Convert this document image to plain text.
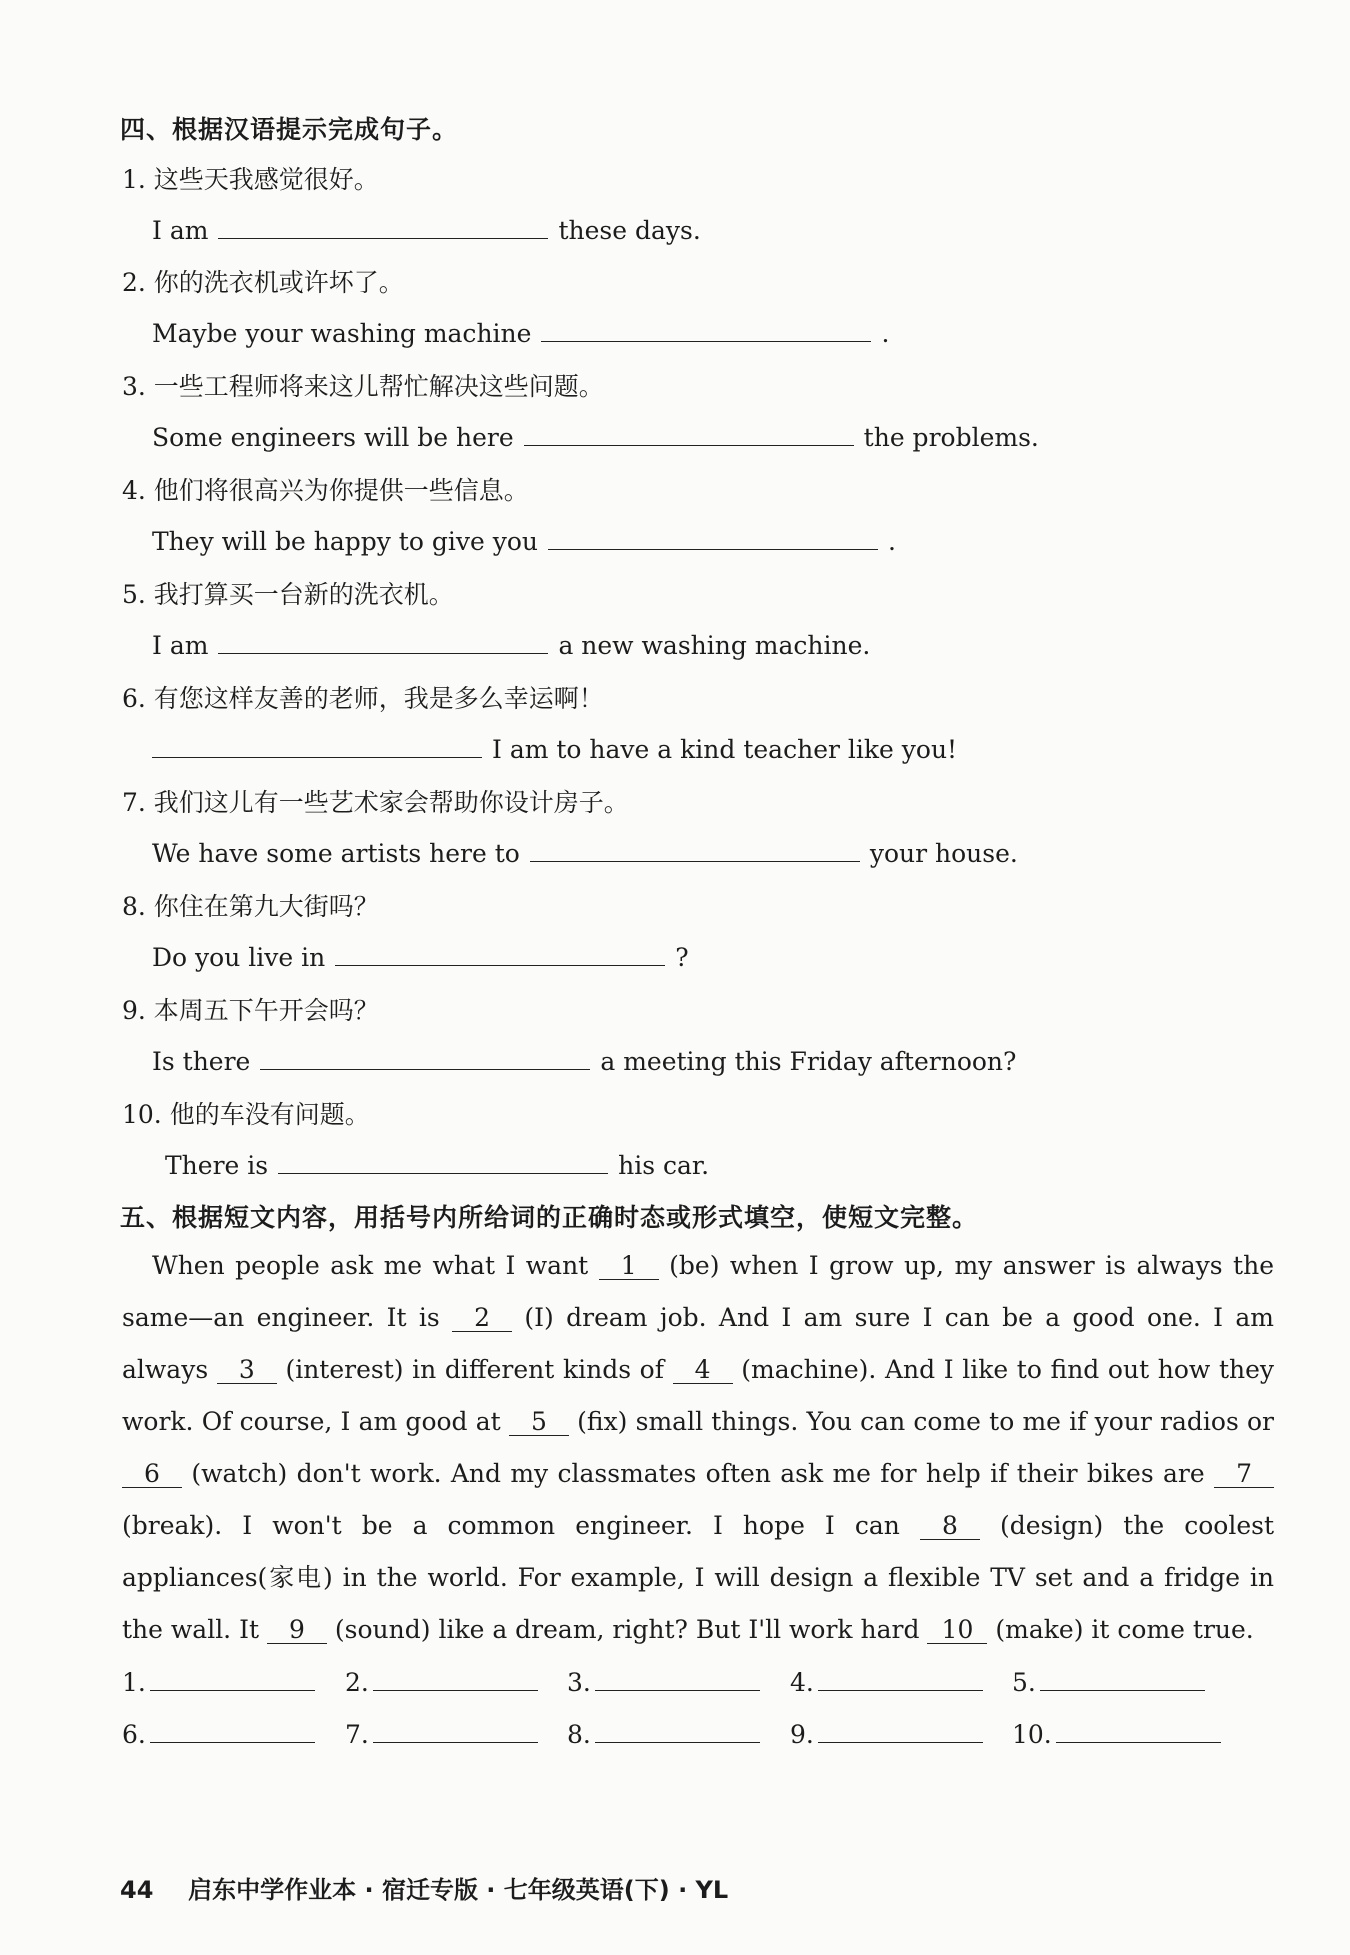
四、根据汉语提示完成句子。
1. 这些天我感觉很好。
I am	these days.
2. 你的洗衣机或许坏了。
Maybe your washing machine	.
3. 一些工程师将来这儿帮忙解决这些问题。
Some engineers will be here	the problems.
4. 他们将很高兴为你提供一些信息。
They will be happy to give you	.
5. 我打算买一台新的洗衣机。
I am	a new washing machine.
6. 有您这样友善的老师，我是多么幸运啊！
I am to have a kind teacher like you!
7. 我们这儿有一些艺术家会帮助你设计房子。
We have some artists here to	your house.
8. 你住在第九大街吗？
Do you live in	?
9. 本周五下午开会吗？
Is there	a meeting this Friday afternoon?
10. 他的车没有问题。
There is	his car.
五、根据短文内容，用括号内所给词的正确时态或形式填空，使短文完整。
When people ask me what I want 1 (be) when I grow up, my answer is always the same—an engineer. It is 2 (I) dream job. And I am sure I can be a good one. I am always 3 (interest) in different kinds of 4 (machine). And I like to find out how they work. Of course, I am good at 5 (fix) small things. You can come to me if your radios or 6 (watch) don't work. And my classmates often ask me for help if their bikes are 7 (break). I won't be a common engineer. I hope I can 8 (design) the coolest appliances(家电) in the world. For example, I will design a flexible TV set and a fridge in the wall. It 9 (sound) like a dream, right? But I'll work hard 10 (make) it come true.
1.	2.	3.	4.	5.
6.	7.	8.	9.	10.
44 启东中学作业本 · 宿迁专版 · 七年级英语(下) · YL
